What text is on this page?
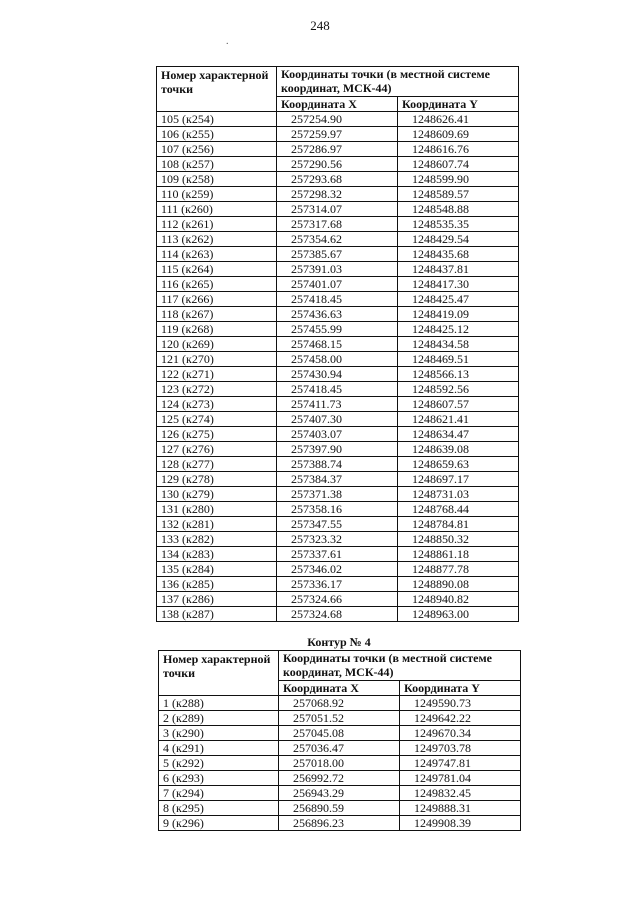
248
.
Номер характерной точки	Координаты точки (в местной системе координат, МСК-44)	
	Координата X	Координата Y
105 (к254)	257254.90	1248626.41
106 (к255)	257259.97	1248609.69
107 (к256)	257286.97	1248616.76
108 (к257)	257290.56	1248607.74
109 (к258)	257293.68	1248599.90
110 (к259)	257298.32	1248589.57
111 (к260)	257314.07	1248548.88
112 (к261)	257317.68	1248535.35
113 (к262)	257354.62	1248429.54
114 (к263)	257385.67	1248435.68
115 (к264)	257391.03	1248437.81
116 (к265)	257401.07	1248417.30
117 (к266)	257418.45	1248425.47
118 (к267)	257436.63	1248419.09
119 (к268)	257455.99	1248425.12
120 (к269)	257468.15	1248434.58
121 (к270)	257458.00	1248469.51
122 (к271)	257430.94	1248566.13
123 (к272)	257418.45	1248592.56
124 (к273)	257411.73	1248607.57
125 (к274)	257407.30	1248621.41
126 (к275)	257403.07	1248634.47
127 (к276)	257397.90	1248639.08
128 (к277)	257388.74	1248659.63
129 (к278)	257384.37	1248697.17
130 (к279)	257371.38	1248731.03
131 (к280)	257358.16	1248768.44
132 (к281)	257347.55	1248784.81
133 (к282)	257323.32	1248850.32
134 (к283)	257337.61	1248861.18
135 (к284)	257346.02	1248877.78
136 (к285)	257336.17	1248890.08
137 (к286)	257324.66	1248940.82
138 (к287)	257324.68	1248963.00
Контур № 4
Номер характерной точки	Координаты точки (в местной системе координат, МСК-44)	
	Координата X	Координата Y
1 (к288)	257068.92	1249590.73
2 (к289)	257051.52	1249642.22
3 (к290)	257045.08	1249670.34
4 (к291)	257036.47	1249703.78
5 (к292)	257018.00	1249747.81
6 (к293)	256992.72	1249781.04
7 (к294)	256943.29	1249832.45
8 (к295)	256890.59	1249888.31
9 (к296)	256896.23	1249908.39
